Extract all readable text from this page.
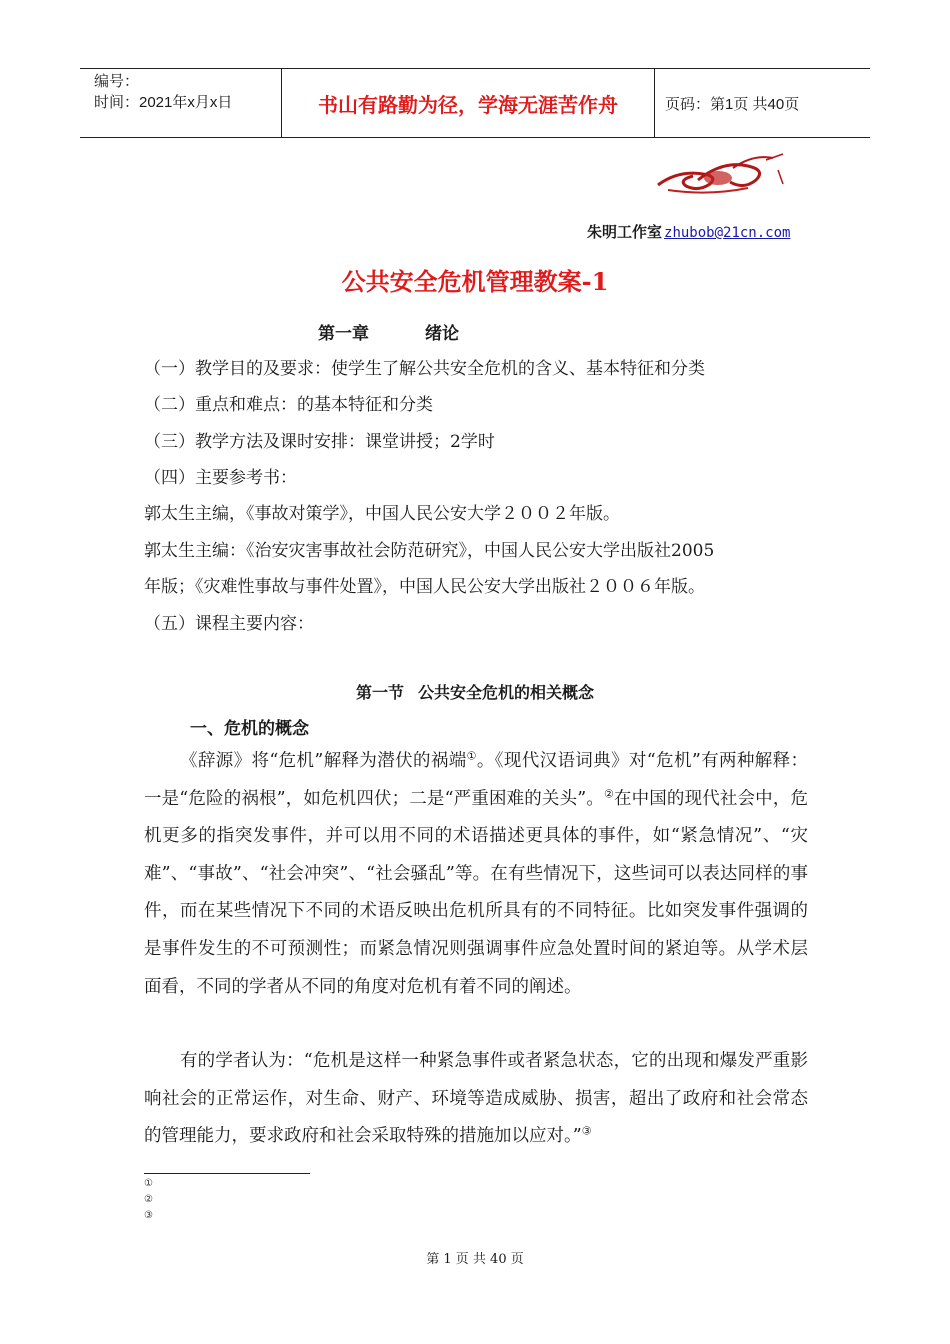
编号：
时间：2021年x月x日	书山有路勤为径，学海无涯苦作舟	页码：第1页 共40页
朱明工作室 zhubob@21cn.com
公共安全危机管理教案-1
第一章	绪论
（一）教学目的及要求：使学生了解公共安全危机的含义、基本特征和分类
（二）重点和难点：的基本特征和分类
（三）教学方法及课时安排：课堂讲授；2学时
（四）主要参考书：
郭太生主编，《事故对策学》，中国人民公安大学２００２年版。
郭太生主编：《治安灾害事故社会防范研究》，中国人民公安大学出版社2005
年版；《灾难性事故与事件处置》，中国人民公安大学出版社２００６年版。
（五）课程主要内容：
第一节 公共安全危机的相关概念
一、危机的概念
《辞源》将“危机”解释为潜伏的祸端①。《现代汉语词典》对“危机”有两种解释：一是“危险的祸根”，如危机四伏；二是“严重困难的关头”。②在中国的现代社会中，危机更多的指突发事件，并可以用不同的术语描述更具体的事件，如“紧急情况”、“灾难”、“事故”、“社会冲突”、“社会骚乱”等。在有些情况下，这些词可以表达同样的事件，而在某些情况下不同的术语反映出危机所具有的不同特征。比如突发事件强调的是事件发生的不可预测性；而紧急情况则强调事件应急处置时间的紧迫等。从学术层面看，不同的学者从不同的角度对危机有着不同的阐述。
有的学者认为：“危机是这样一种紧急事件或者紧急状态，它的出现和爆发严重影响社会的正常运作，对生命、财产、环境等造成威胁、损害，超出了政府和社会常态的管理能力，要求政府和社会采取特殊的措施加以应对。”③
①
②
③
第 1 页 共 40 页
